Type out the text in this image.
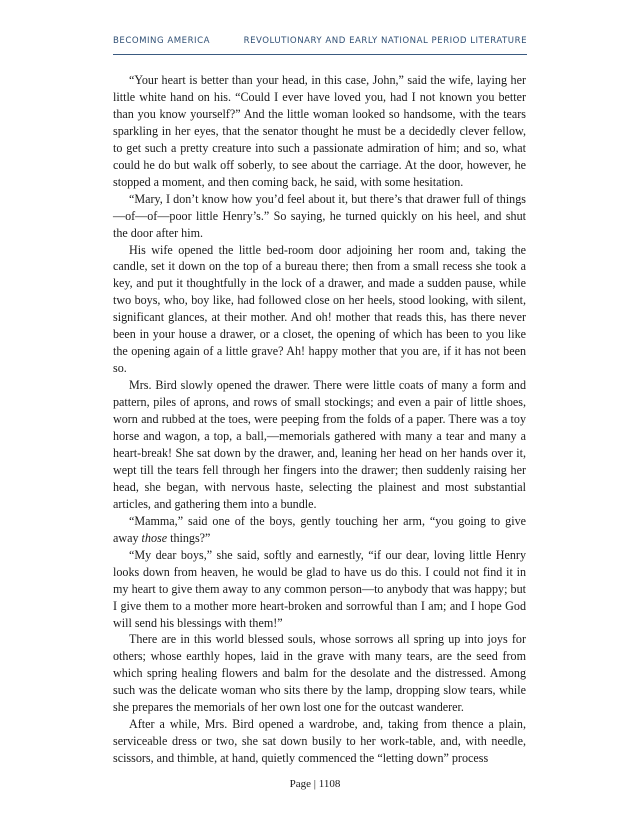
BECOMING AMERICA	REVOLUTIONARY AND EARLY NATIONAL PERIOD LITERATURE

“Your heart is better than your head, in this case, John,” said the wife, laying her little white hand on his. “Could I ever have loved you, had I not known you better than you know yourself?” And the little woman looked so handsome, with the tears sparkling in her eyes, that the senator thought he must be a decidedly clever fellow, to get such a pretty creature into such a passionate admiration of him; and so, what could he do but walk off soberly, to see about the carriage. At the door, however, he stopped a moment, and then coming back, he said, with some hesitation.

“Mary, I don’t know how you’d feel about it, but there’s that drawer full of things—of—of—poor little Henry’s.” So saying, he turned quickly on his heel, and shut the door after him.

His wife opened the little bed-room door adjoining her room and, taking the candle, set it down on the top of a bureau there; then from a small recess she took a key, and put it thoughtfully in the lock of a drawer, and made a sudden pause, while two boys, who, boy like, had followed close on her heels, stood looking, with silent, significant glances, at their mother. And oh! mother that reads this, has there never been in your house a drawer, or a closet, the opening of which has been to you like the opening again of a little grave? Ah! happy mother that you are, if it has not been so.

Mrs. Bird slowly opened the drawer. There were little coats of many a form and pattern, piles of aprons, and rows of small stockings; and even a pair of little shoes, worn and rubbed at the toes, were peeping from the folds of a paper. There was a toy horse and wagon, a top, a ball,—memorials gathered with many a tear and many a heart-break! She sat down by the drawer, and, leaning her head on her hands over it, wept till the tears fell through her fingers into the drawer; then suddenly raising her head, she began, with nervous haste, selecting the plainest and most substantial articles, and gathering them into a bundle.

“Mamma,” said one of the boys, gently touching her arm, “you going to give away those things?”

“My dear boys,” she said, softly and earnestly, “if our dear, loving little Henry looks down from heaven, he would be glad to have us do this. I could not find it in my heart to give them away to any common person—to anybody that was happy; but I give them to a mother more heart-broken and sorrowful than I am; and I hope God will send his blessings with them!”

There are in this world blessed souls, whose sorrows all spring up into joys for others; whose earthly hopes, laid in the grave with many tears, are the seed from which spring healing flowers and balm for the desolate and the distressed. Among such was the delicate woman who sits there by the lamp, dropping slow tears, while she prepares the memorials of her own lost one for the outcast wanderer.

After a while, Mrs. Bird opened a wardrobe, and, taking from thence a plain, serviceable dress or two, she sat down busily to her work-table, and, with needle, scissors, and thimble, at hand, quietly commenced the “letting down” process

Page | 1108
